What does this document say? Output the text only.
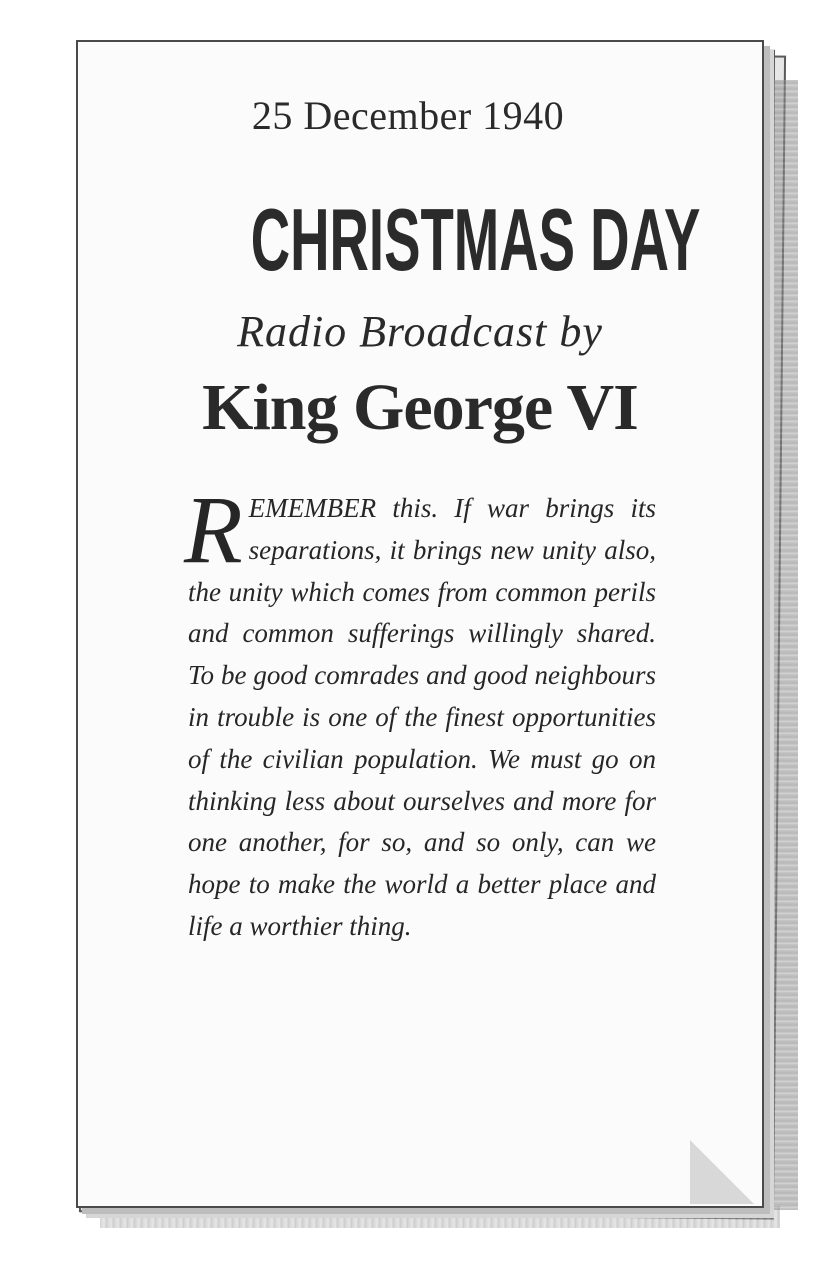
25 December 1940
CHRISTMAS DAY
Radio Broadcast by
King George VI
R EMEMBER this. If war brings its separations, it brings new unity also, the unity which comes from common perils and common sufferings willingly shared. To be good comrades and good neighbours in trouble is one of the finest opportunities of the civilian population. We must go on thinking less about ourselves and more for one another, for so, and so only, can we hope to make the world a better place and life a worthier thing.
